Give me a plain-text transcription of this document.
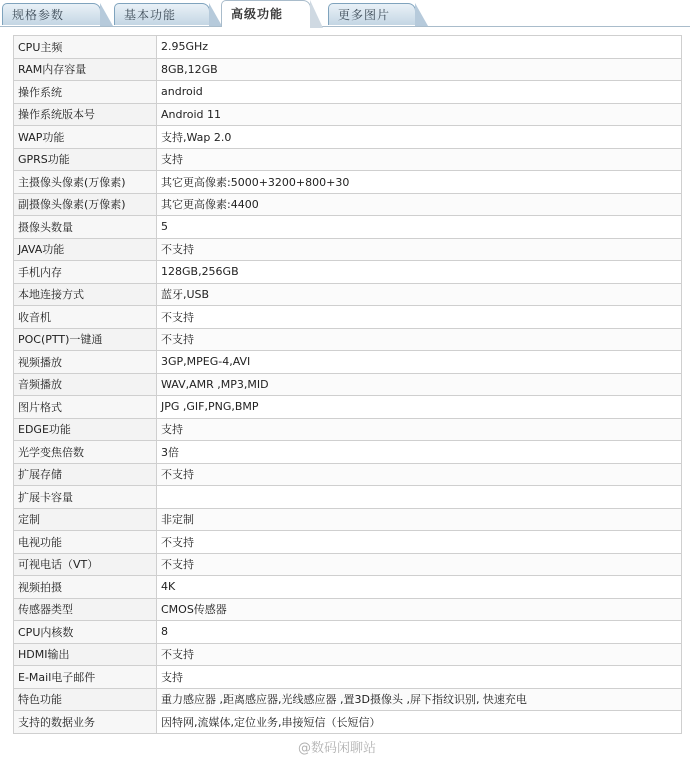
规格参数	基本功能	高级功能	更多图片
CPU主频	2.95GHz
RAM内存容量	8GB,12GB
操作系统	android
操作系统版本号	Android 11
WAP功能	支持,Wap 2.0
GPRS功能	支持
主摄像头像素(万像素)	其它更高像素:5000+3200+800+30
副摄像头像素(万像素)	其它更高像素:4400
摄像头数量	5
JAVA功能	不支持
手机内存	128GB,256GB
本地连接方式	蓝牙,USB
收音机	不支持
POC(PTT)一键通	不支持
视频播放	3GP,MPEG-4,AVI
音频播放	WAV,AMR ,MP3,MID
图片格式	JPG ,GIF,PNG,BMP
EDGE功能	支持
光学变焦倍数	3倍
扩展存储	不支持
扩展卡容量	
定制	非定制
电视功能	不支持
可视电话（VT）	不支持
视频拍摄	4K
传感器类型	CMOS传感器
CPU内核数	8
HDMI输出	不支持
E-Mail电子邮件	支持
特色功能	重力感应器 ,距离感应器,光线感应器 ,置3D摄像头 ,屏下指纹识别, 快速充电
支持的数据业务	因特网,流媒体,定位业务,串接短信（长短信）
@数码闲聊站
